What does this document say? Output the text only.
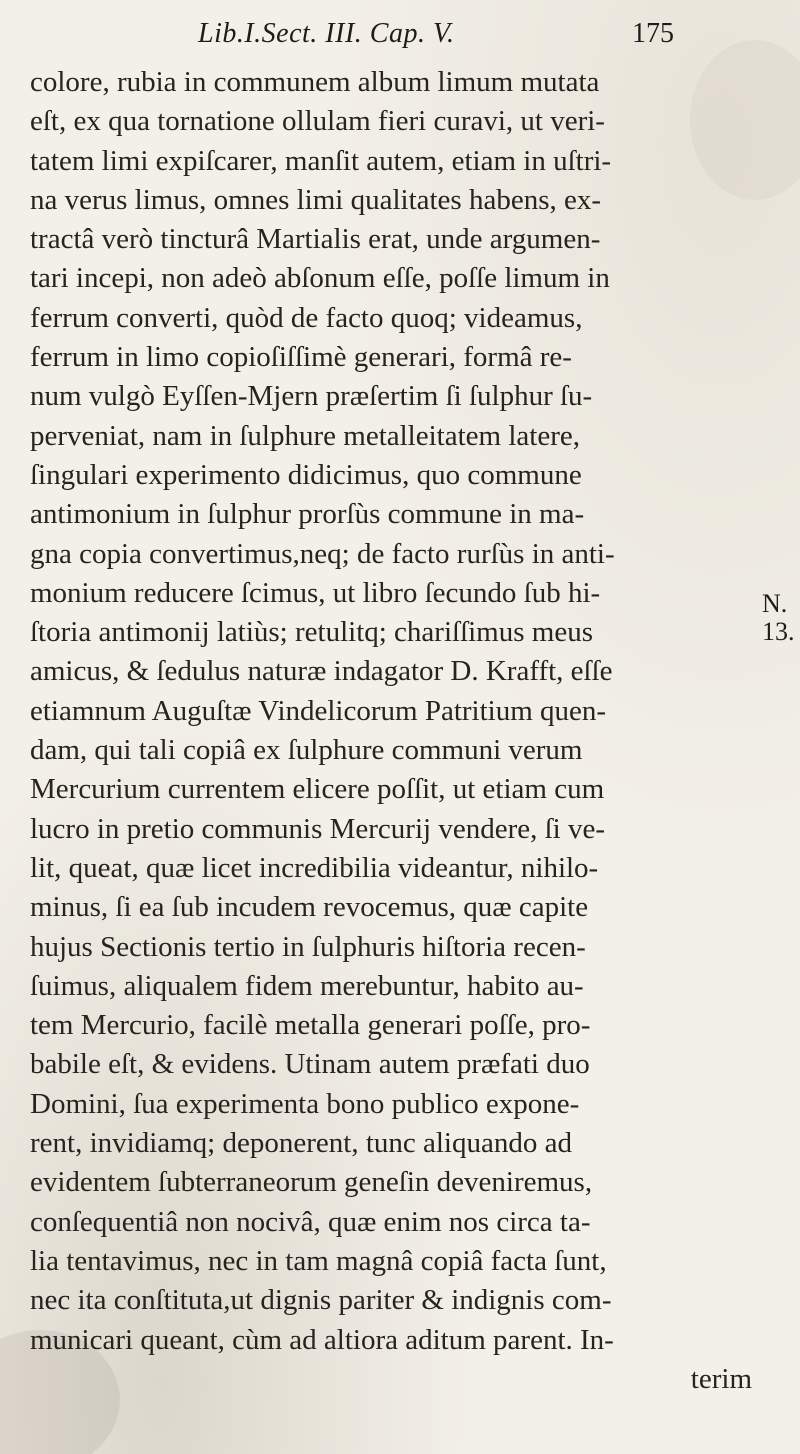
Lib.I.Sect. III. Cap. V.	175
colore, rubia in communem album limum mutata
eſt, ex qua tornatione ollulam fieri curavi, ut veri-
tatem limi expiſcarer, manſit autem, etiam in uſtri-
na verus limus, omnes limi qualitates habens, ex-
tractâ verò tincturâ Martialis erat, unde argumen-
tari incepi, non adeò abſonum eſſe, poſſe limum in
ferrum converti, quòd de facto quoq; videamus,
ferrum in limo copioſiſſimè generari, formâ re-
num vulgò Eyſſen-Mjern præſertim ſi ſulphur ſu-
perveniat, nam in ſulphure metalleitatem latere,
ſingulari experimento didicimus, quo commune
antimonium in ſulphur prorſùs commune in ma-
gna copia convertimus,neq; de facto rurſùs in anti-
monium reducere ſcimus, ut libro ſecundo ſub hi-
ſtoria antimonij latiùs; retulitq; chariſſimus meus
amicus, & ſedulus naturæ indagator D. Krafft, eſſe
etiamnum Auguſtæ Vindelicorum Patritium quen-
dam, qui tali copiâ ex ſulphure communi verum
Mercurium currentem elicere poſſit, ut etiam cum
lucro in pretio communis Mercurij vendere, ſi ve-
lit, queat, quæ licet incredibilia videantur, nihilo-
minus, ſi ea ſub incudem revocemus, quæ capite
hujus Sectionis tertio in ſulphuris hiſtoria recen-
ſuimus, aliqualem fidem merebuntur, habito au-
tem Mercurio, facilè metalla generari poſſe, pro-
babile eſt, & evidens. Utinam autem præfati duo
Domini, ſua experimenta bono publico expone-
rent, invidiamq; deponerent, tunc aliquando ad
evidentem ſubterraneorum geneſin deveniremus,
conſequentiâ non nocivâ, quæ enim nos circa ta-
lia tentavimus, nec in tam magnâ copiâ facta ſunt,
nec ita conſtituta,ut dignis pariter & indignis com-
municari queant, cùm ad altiora aditum parent. In-
terim
N.
13.
